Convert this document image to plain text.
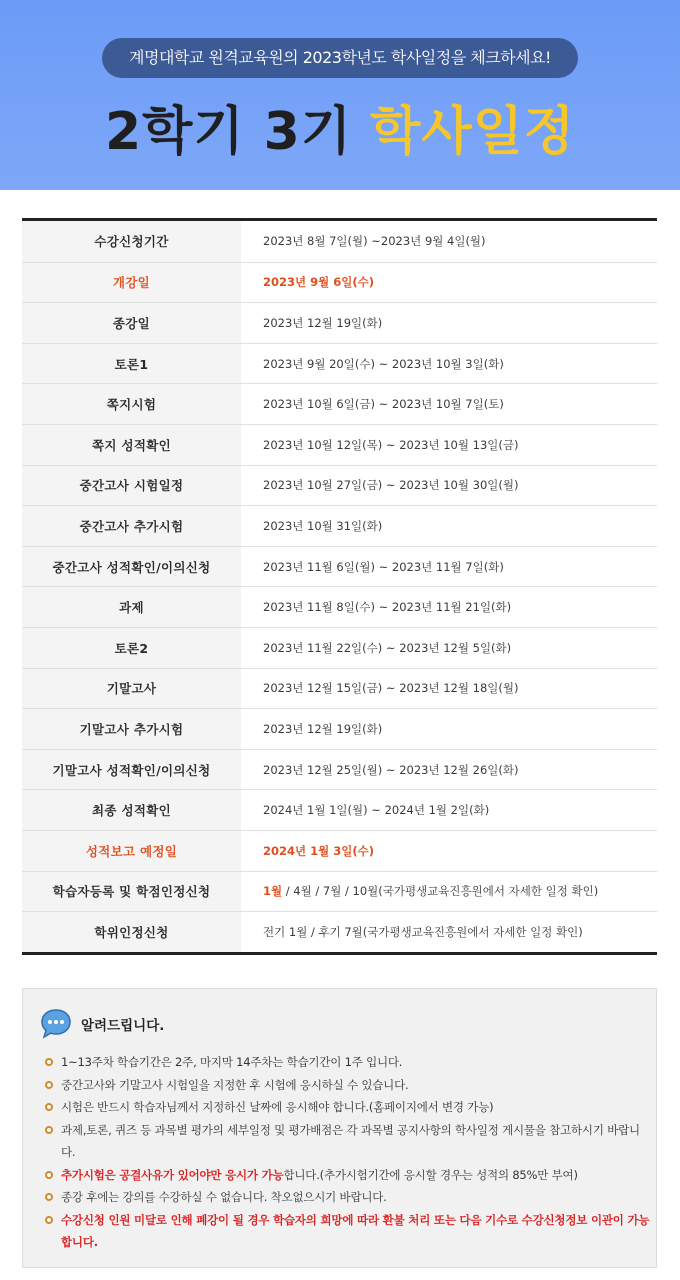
계명대학교 원격교육원의 2023학년도 학사일정을 체크하세요!
2학기 3기 학사일정
수강신청기간	2023년 8월 7일(월) ~2023년 9월 4일(월)
개강일	2023년 9월 6일(수)
종강일	2023년 12월 19일(화)
토론1	2023년 9월 20일(수) ~ 2023년 10월 3일(화)
쪽지시험	2023년 10월 6일(금) ~ 2023년 10월 7일(토)
쪽지 성적확인	2023년 10월 12일(목) ~ 2023년 10월 13일(금)
중간고사 시험일정	2023년 10월 27일(금) ~ 2023년 10월 30일(월)
중간고사 추가시험	2023년 10월 31일(화)
중간고사 성적확인/이의신청	2023년 11월 6일(월) ~ 2023년 11월 7일(화)
과제	2023년 11월 8일(수) ~ 2023년 11월 21일(화)
토론2	2023년 11월 22일(수) ~ 2023년 12월 5일(화)
기말고사	2023년 12월 15일(금) ~ 2023년 12월 18일(월)
기말고사 추가시험	2023년 12월 19일(화)
기말고사 성적확인/이의신청	2023년 12월 25일(월) ~ 2023년 12월 26일(화)
최종 성적확인	2024년 1월 1일(월) ~ 2024년 1월 2일(화)
성적보고 예정일	2024년 1월 3일(수)
학습자등록 및 학점인정신청	1월 / 4월 / 7월 / 10월(국가평생교육진흥원에서 자세한 일정 확인)
학위인정신청	전기 1월 / 후기 7월(국가평생교육진흥원에서 자세한 일정 확인)
알려드립니다.
1~13주차 학습기간은 2주, 마지막 14주차는 학습기간이 1주 입니다.
중간고사와 기말고사 시험일을 지정한 후 시험에 응시하실 수 있습니다.
시험은 반드시 학습자님께서 지정하신 날짜에 응시해야 합니다.(홈페이지에서 변경 가능)
과제,토론, 퀴즈 등 과목별 평가의 세부일정 및 평가배점은 각 과목별 공지사항의 학사일정 게시물을 참고하시기 바랍니다.
추가시험은 공결사유가 있어야만 응시가 가능합니다.(추가시험기간에 응시할 경우는 성적의 85%만 부여)
종강 후에는 강의를 수강하실 수 없습니다. 착오없으시기 바랍니다.
수강신청 인원 미달로 인해 폐강이 될 경우 학습자의 희망에 따라 환불 처리 또는 다음 기수로 수강신청정보 이관이 가능합니다.
